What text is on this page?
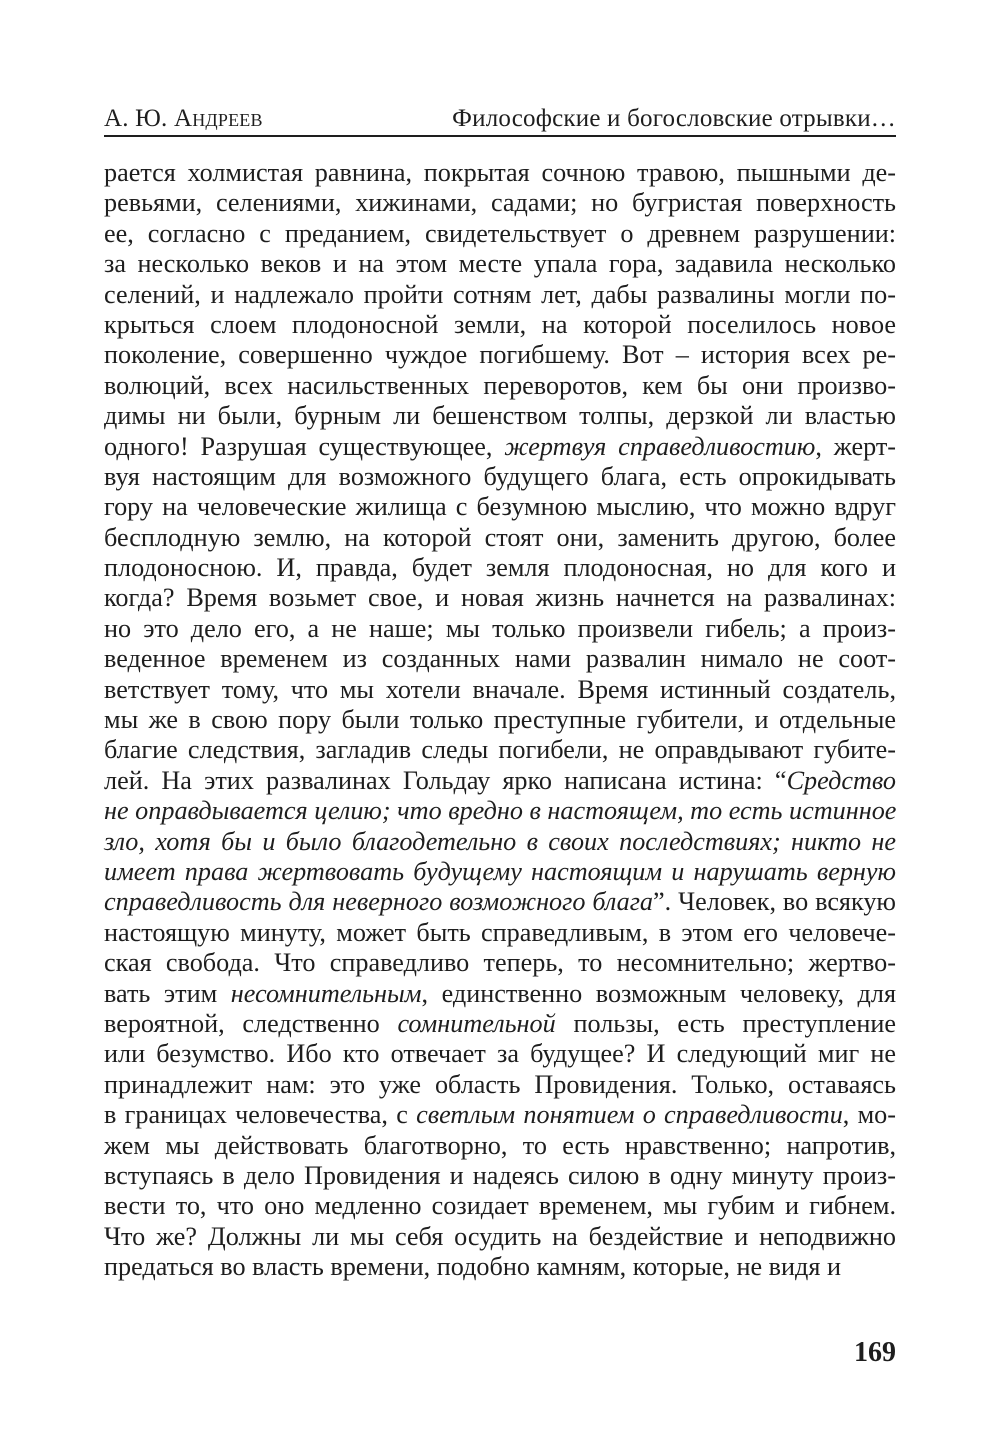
А. Ю. Андреев	Философские и богословские отрывки…
рается холмистая равнина, покрытая сочною травою, пышными де-
ревьями, селениями, хижинами, садами; но бугристая поверхность
ее, согласно с преданием, свидетельствует о древнем разрушении:
за несколько веков и на этом месте упала гора, задавила несколько
селений, и надлежало пройти сотням лет, дабы развалины могли по-
крыться слоем плодоносной земли, на которой поселилось новое
поколение, совершенно чуждое погибшему. Вот – история всех ре-
волюций, всех насильственных переворотов, кем бы они произво-
димы ни были, бурным ли бешенством толпы, дерзкой ли властью
одного! Разрушая существующее, жертвуя справедливостию, жерт-
вуя настоящим для возможного будущего блага, есть опрокидывать
гору на человеческие жилища с безумною мыслию, что можно вдруг
бесплодную землю, на которой стоят они, заменить другою, более
плодоносною. И, правда, будет земля плодоносная, но для кого и
когда? Время возьмет свое, и новая жизнь начнется на развалинах:
но это дело его, а не наше; мы только произвели гибель; а произ-
веденное временем из созданных нами развалин нимало не соот-
ветствует тому, что мы хотели вначале. Время истинный создатель,
мы же в свою пору были только преступные губители, и отдельные
благие следствия, загладив следы погибели, не оправдывают губите-
лей. На этих развалинах Гольдау ярко написана истина: “Средство
не оправдывается целию; что вредно в настоящем, то есть истинное
зло, хотя бы и было благодетельно в своих последствиях; никто не
имеет права жертвовать будущему настоящим и нарушать верную
справедливость для неверного возможного блага”. Человек, во всякую
настоящую минуту, может быть справедливым, в этом его человече-
ская свобода. Что справедливо теперь, то несомнительно; жертво-
вать этим несомнительным, единственно возможным человеку, для
вероятной, следственно сомнительной пользы, есть преступление
или безумство. Ибо кто отвечает за будущее? И следующий миг не
принадлежит нам: это уже область Провидения. Только, оставаясь
в границах человечества, с светлым понятием о справедливости, мо-
жем мы действовать благотворно, то есть нравственно; напротив,
вступаясь в дело Провидения и надеясь силою в одну минуту произ-
вести то, что оно медленно созидает временем, мы губим и гибнем.
Что же? Должны ли мы себя осудить на бездействие и неподвижно
предаться во власть времени, подобно камням, которые, не видя и
169
